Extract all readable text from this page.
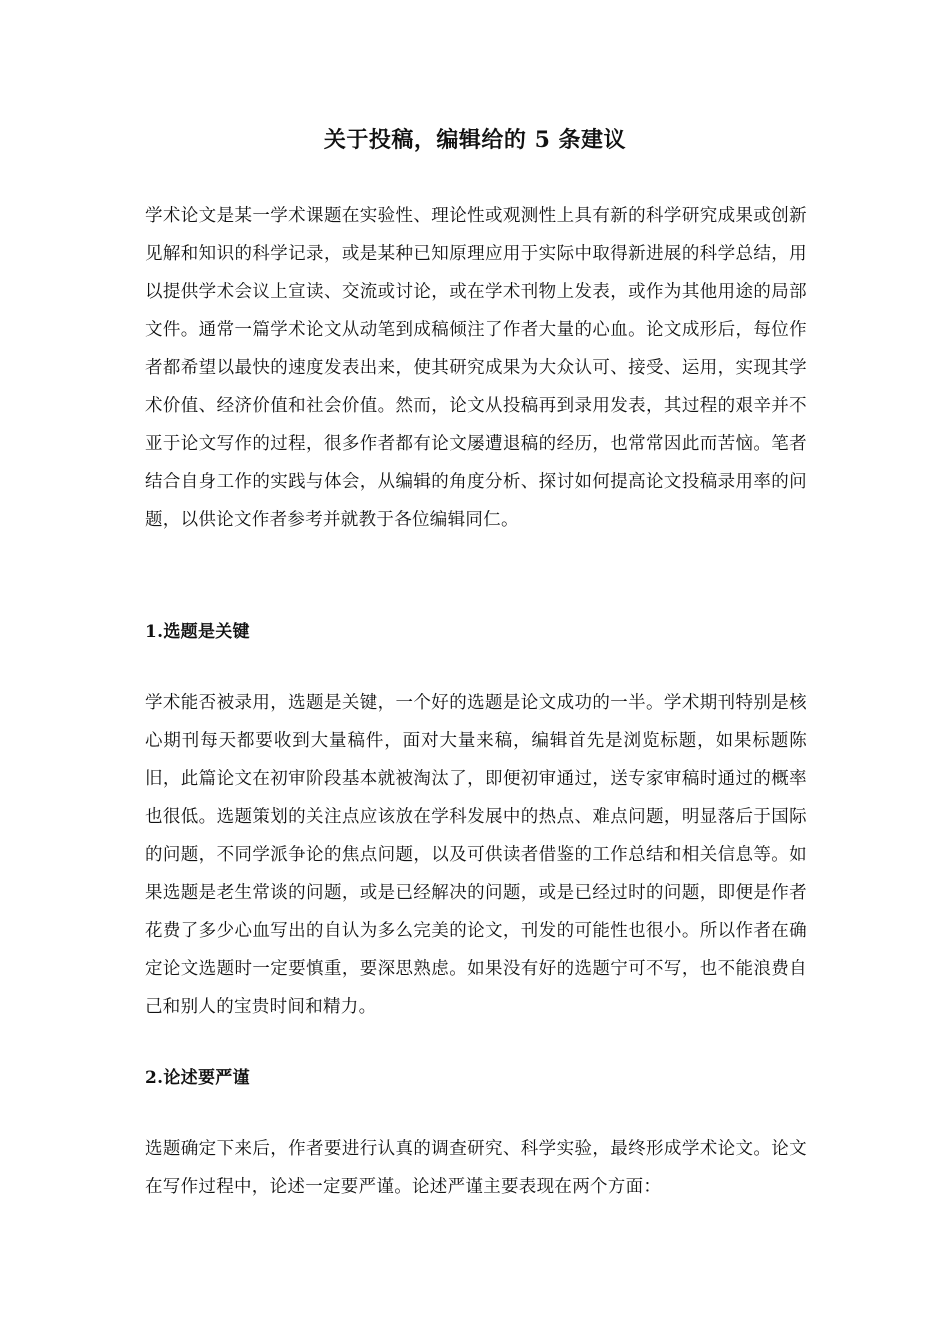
关于投稿，编辑给的 5 条建议
学术论文是某一学术课题在实验性、理论性或观测性上具有新的科学研究成果或创新见解和知识的科学记录，或是某种已知原理应用于实际中取得新进展的科学总结，用以提供学术会议上宣读、交流或讨论，或在学术刊物上发表，或作为其他用途的局部文件。通常一篇学术论文从动笔到成稿倾注了作者大量的心血。论文成形后，每位作者都希望以最快的速度发表出来，使其研究成果为大众认可、接受、运用，实现其学术价值、经济价值和社会价值。然而，论文从投稿再到录用发表，其过程的艰辛并不亚于论文写作的过程，很多作者都有论文屡遭退稿的经历，也常常因此而苦恼。笔者结合自身工作的实践与体会，从编辑的角度分析、探讨如何提高论文投稿录用率的问题，以供论文作者参考并就教于各位编辑同仁。
1.选题是关键
学术能否被录用，选题是关键，一个好的选题是论文成功的一半。学术期刊特别是核心期刊每天都要收到大量稿件，面对大量来稿，编辑首先是浏览标题，如果标题陈旧，此篇论文在初审阶段基本就被淘汰了，即便初审通过，送专家审稿时通过的概率也很低。选题策划的关注点应该放在学科发展中的热点、难点问题，明显落后于国际的问题，不同学派争论的焦点问题，以及可供读者借鉴的工作总结和相关信息等。如果选题是老生常谈的问题，或是已经解决的问题，或是已经过时的问题，即便是作者花费了多少心血写出的自认为多么完美的论文，刊发的可能性也很小。所以作者在确定论文选题时一定要慎重，要深思熟虑。如果没有好的选题宁可不写，也不能浪费自己和别人的宝贵时间和精力。
2.论述要严谨
选题确定下来后，作者要进行认真的调查研究、科学实验，最终形成学术论文。论文在写作过程中，论述一定要严谨。论述严谨主要表现在两个方面：
